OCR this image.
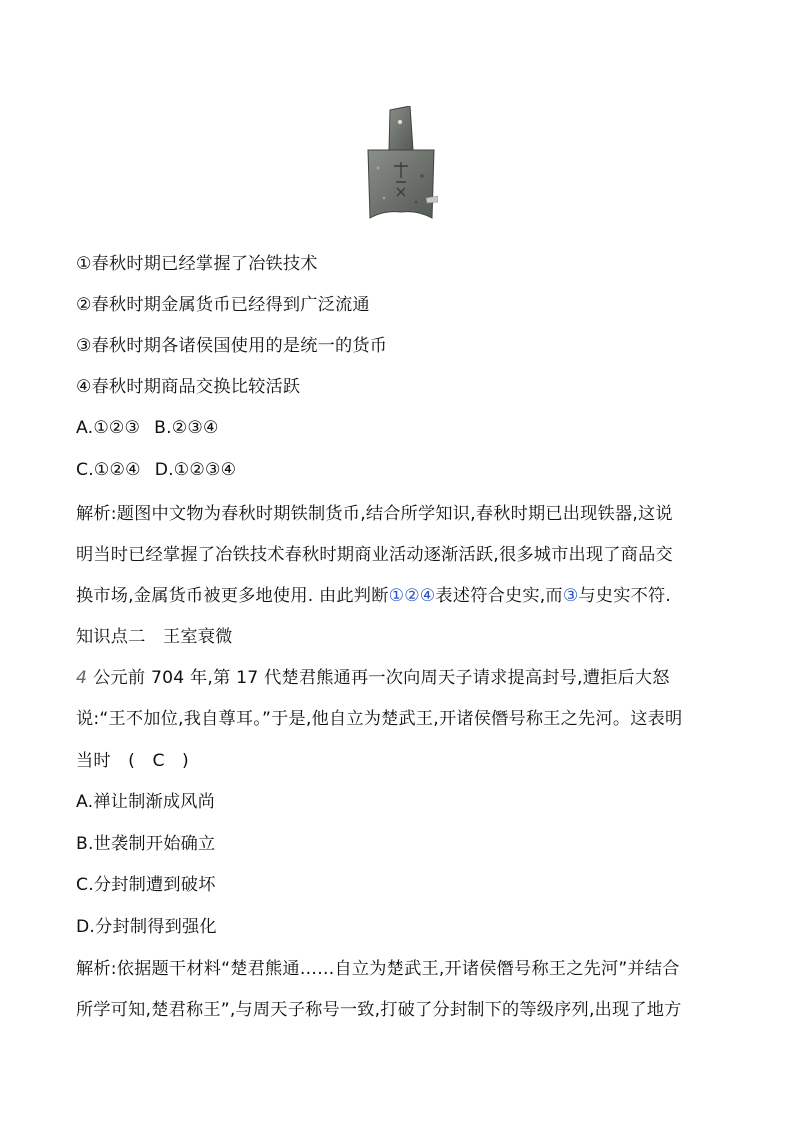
①春秋时期已经掌握了冶铁技术
②春秋时期金属货币已经得到广泛流通
③春秋时期各诸侯国使用的是统一的货币
④春秋时期商品交换比较活跃
A.①②③ B.②③④
C.①②④ D.①②③④
解析:题图中文物为春秋时期铁制货币,结合所学知识,春秋时期已出现铁器,这说
明当时已经掌握了冶铁技术春秋时期商业活动逐渐活跃,很多城市出现了商品交
换市场,金属货币被更多地使用. 由此判断①②④表述符合史实,而③与史实不符.
知识点二　王室衰微
4 公元前 704 年,第 17 代楚君熊通再一次向周天子请求提高封号,遭拒后大怒
说:“王不加位,我自尊耳。”于是,他自立为楚武王,开诸侯僭号称王之先河。这表明
当时　(　C　)
A.禅让制渐成风尚
B.世袭制开始确立
C.分封制遭到破坏
D.分封制得到强化
解析:依据题干材料“楚君熊通……自立为楚武王,开诸侯僭号称王之先河”并结合
所学可知,楚君称王”,与周天子称号一致,打破了分封制下的等级序列,出现了地方
